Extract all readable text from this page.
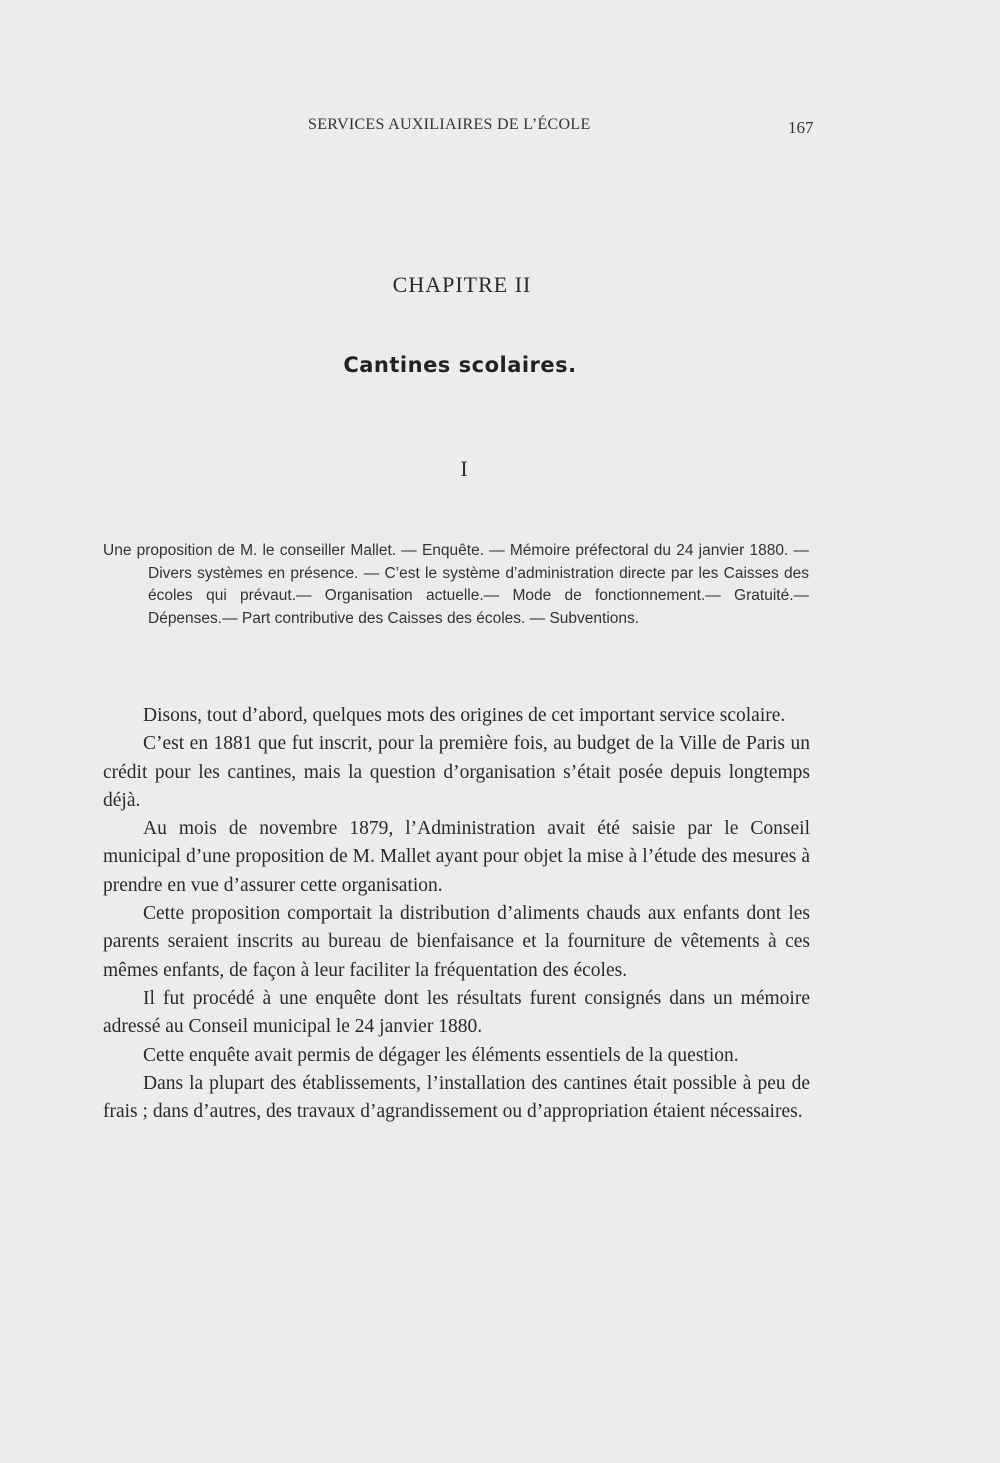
SERVICES AUXILIAIRES DE L’ÉCOLE	167
CHAPITRE II
Cantines scolaires.
I

Une proposition de M. le conseiller Mallet. — Enquête. — Mémoire préfectoral du 24 janvier 1880. — Divers systèmes en présence. — C’est le système d’administration directe par les Caisses des écoles qui prévaut.— Organisation actuelle.— Mode de fonctionnement.— Gratuité.— Dépenses.— Part contributive des Caisses des écoles. — Subventions.

Disons, tout d’abord, quelques mots des origines de cet important service scolaire.

C’est en 1881 que fut inscrit, pour la première fois, au budget de la Ville de Paris un crédit pour les cantines, mais la question d’organisation s’était posée depuis longtemps déjà.

Au mois de novembre 1879, l’Administration avait été saisie par le Conseil municipal d’une proposition de M. Mallet ayant pour objet la mise à l’étude des mesures à prendre en vue d’assurer cette organisation.

Cette proposition comportait la distribution d’aliments chauds aux enfants dont les parents seraient inscrits au bureau de bienfaisance et la fourniture de vêtements à ces mêmes enfants, de façon à leur faciliter la fréquentation des écoles.

Il fut procédé à une enquête dont les résultats furent consignés dans un mémoire adressé au Conseil municipal le 24 janvier 1880.

Cette enquête avait permis de dégager les éléments essentiels de la question.

Dans la plupart des établissements, l’installation des cantines était possible à peu de frais ; dans d’autres, des travaux d’agrandissement ou d’appropriation étaient nécessaires.
